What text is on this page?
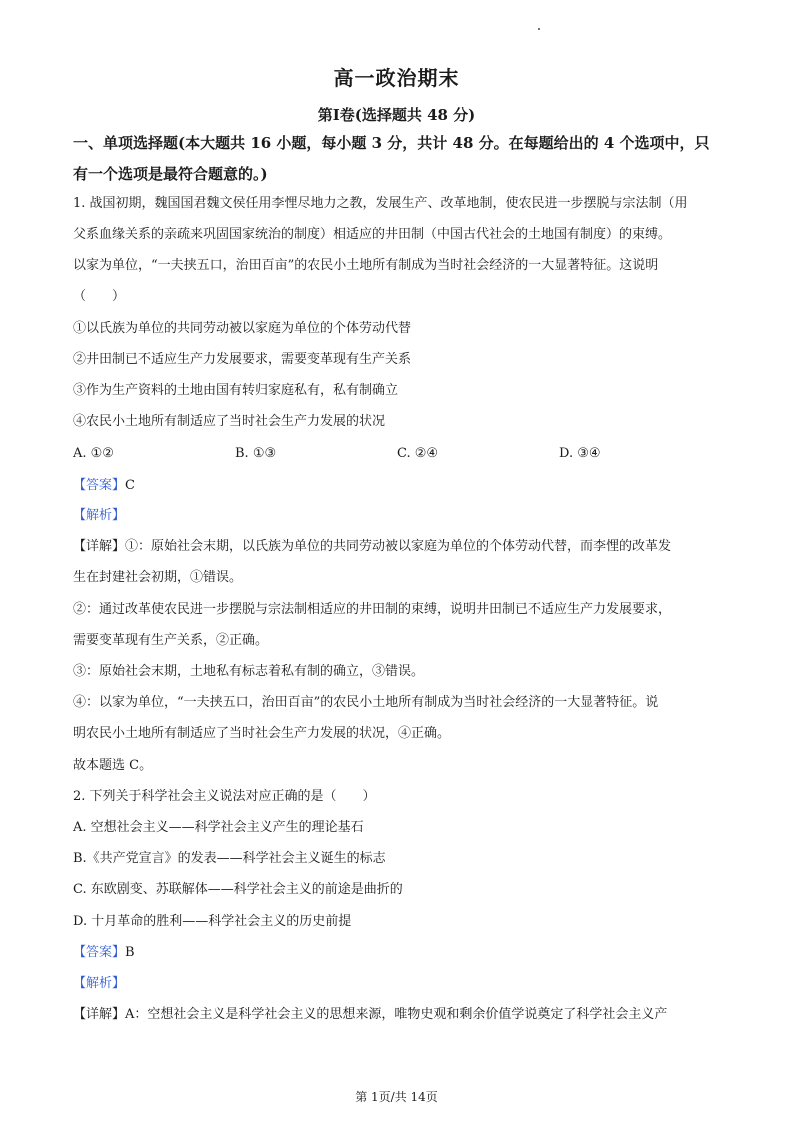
高一政治期末
第Ⅰ卷(选择题共 48 分)
一、单项选择题(本大题共 16 小题，每小题 3 分，共计 48 分。在每题给出的 4 个选项中，只有一个选项是最符合题意的。)
1. 战国初期，魏国国君魏文侯任用李悝尽地力之教，发展生产、改革地制，使农民进一步摆脱与宗法制（用
父系血缘关系的亲疏来巩固国家统治的制度）相适应的井田制（中国古代社会的土地国有制度）的束缚。
以家为单位，“一夫挟五口，治田百亩”的农民小土地所有制成为当时社会经济的一大显著特征。这说明
（　　）
①以氏族为单位的共同劳动被以家庭为单位的个体劳动代替
②井田制已不适应生产力发展要求，需要变革现有生产关系
③作为生产资料的土地由国有转归家庭私有，私有制确立
④农民小土地所有制适应了当时社会生产力发展的状况
A. ①②	B. ①③	C. ②④	D. ③④
【答案】C
【解析】
【详解】①：原始社会末期，以氏族为单位的共同劳动被以家庭为单位的个体劳动代替，而李悝的改革发
生在封建社会初期，①错误。
②：通过改革使农民进一步摆脱与宗法制相适应的井田制的束缚，说明井田制已不适应生产力发展要求，
需要变革现有生产关系，②正确。
③：原始社会末期，土地私有标志着私有制的确立，③错误。
④：以家为单位，“一夫挟五口，治田百亩”的农民小土地所有制成为当时社会经济的一大显著特征。说
明农民小土地所有制适应了当时社会生产力发展的状况，④正确。
故本题选 C。
2. 下列关于科学社会主义说法对应正确的是（　　）
A. 空想社会主义——科学社会主义产生的理论基石
B.《共产党宣言》的发表——科学社会主义诞生的标志
C. 东欧剧变、苏联解体——科学社会主义的前途是曲折的
D. 十月革命的胜利——科学社会主义的历史前提
【答案】B
【解析】
【详解】A：空想社会主义是科学社会主义的思想来源，唯物史观和剩余价值学说奠定了科学社会主义产
第 1页/共 14页
